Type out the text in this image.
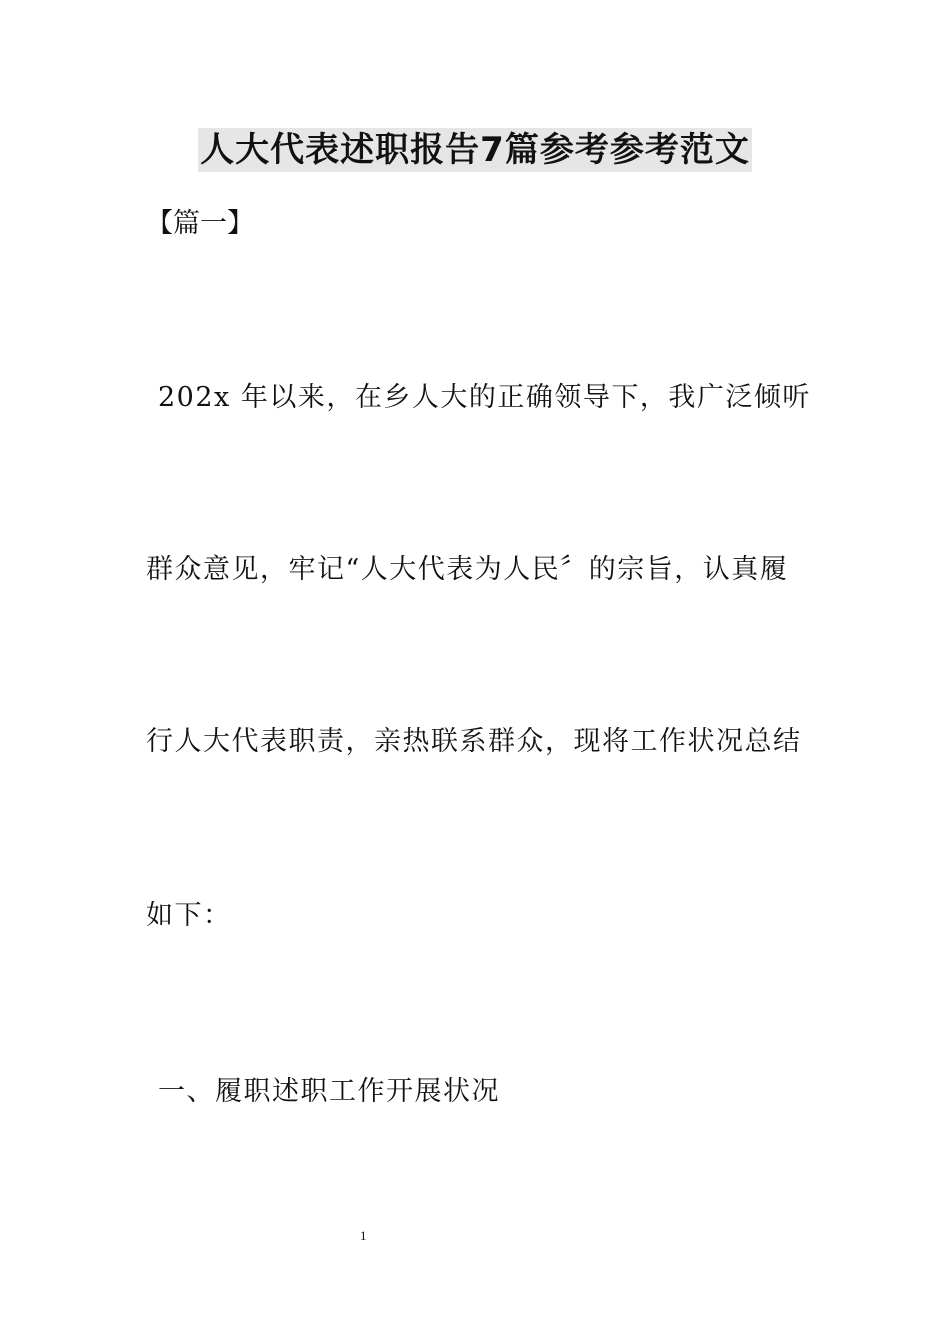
人大代表述职报告7篇参考参考范文
【篇一】
202x 年以来，在乡人大的正确领导下，我广泛倾听
群众意见，牢记“人大代表为人民〞的宗旨，认真履
行人大代表职责，亲热联系群众，现将工作状况总结
如下：
一、履职述职工作开展状况
1
